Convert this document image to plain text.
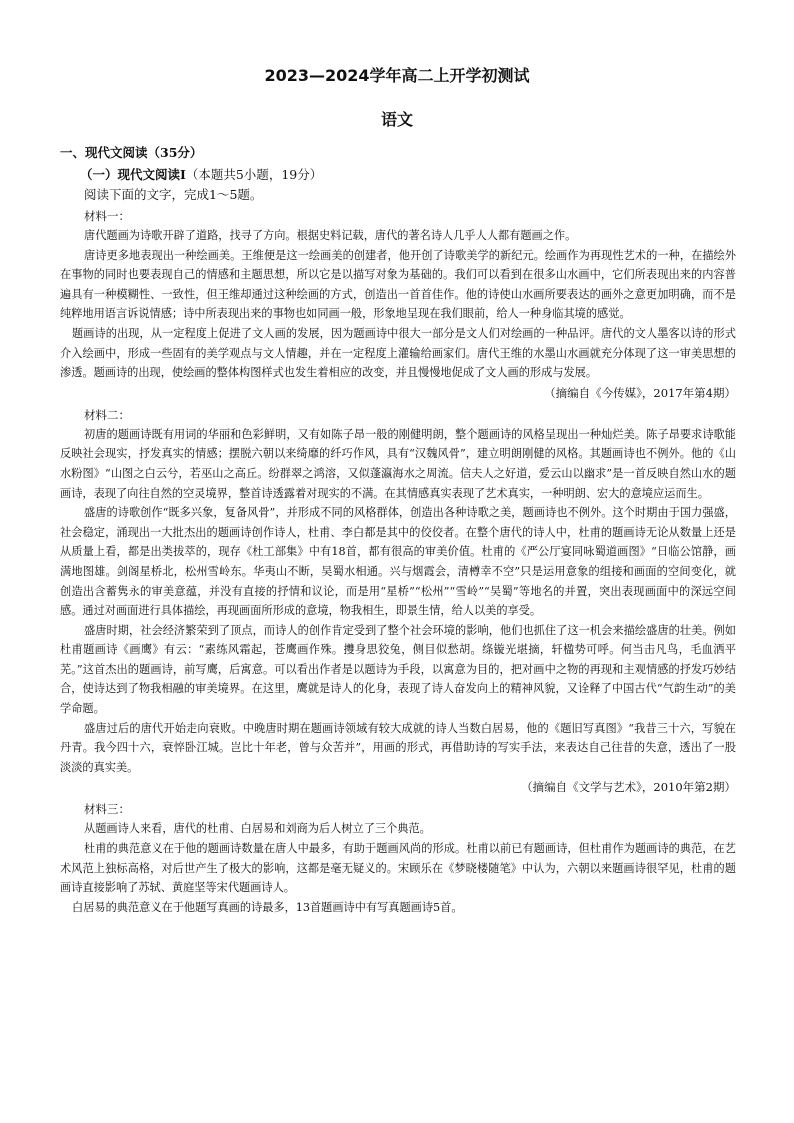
2023—2024学年高二上开学初测试
语文

一、现代文阅读（35分）

（一）现代文阅读Ⅰ（本题共5小题，19分）

阅读下面的文字，完成1～5题。

材料一：

唐代题画为诗歌开辟了道路，找寻了方向。根据史料记载，唐代的著名诗人几乎人人都有题画之作。

唐诗更多地表现出一种绘画美。王维便是这一绘画美的创建者，他开创了诗歌美学的新纪元。绘画作为再现性艺术的一种，在描绘外在事物的同时也要表现自己的情感和主题思想，所以它是以描写对象为基础的。我们可以看到在很多山水画中，它们所表现出来的内容普遍具有一种模糊性、一致性，但王维却通过这种绘画的方式，创造出一首首佳作。他的诗使山水画所要表达的画外之意更加明确，而不是纯粹地用语言诉说情感；诗中所表现出来的事物也如同画一般，形象地呈现在我们眼前，给人一种身临其境的感觉。

题画诗的出现，从一定程度上促进了文人画的发展，因为题画诗中很大一部分是文人们对绘画的一种品评。唐代的文人墨客以诗的形式介入绘画中，形成一些固有的美学观点与文人情趣，并在一定程度上灌输给画家们。唐代王维的水墨山水画就充分体现了这一审美思想的渗透。题画诗的出现，使绘画的整体构图样式也发生着相应的改变，并且慢慢地促成了文人画的形成与发展。

（摘编自《今传媒》，2017年第4期）

材料二：

初唐的题画诗既有用词的华丽和色彩鲜明，又有如陈子昂一般的刚健明朗，整个题画诗的风格呈现出一种灿烂美。陈子昂要求诗歌能反映社会现实，抒发真实的情感；摆脱六朝以来绮靡的纤巧作风，具有“汉魏风骨”，建立明朗刚健的风格。其题画诗也不例外。他的《山水粉图》“山图之白云兮，若巫山之高丘。纷群翠之鸿溶，又似蓬瀛海水之周流。信夫人之好道，爱云山以幽求”是一首反映自然山水的题画诗，表现了向往自然的空灵境界，整首诗透露着对现实的不满。在其情感真实表现了艺术真实，一种明朗、宏大的意境应运而生。

盛唐的诗歌创作“既多兴象，复备风骨”，并形成不同的风格群体，创造出各种诗歌之美，题画诗也不例外。这个时期由于国力强盛，社会稳定，涌现出一大批杰出的题画诗创作诗人，杜甫、李白都是其中的佼佼者。在整个唐代的诗人中，杜甫的题画诗无论从数量上还是从质量上看，都是出类拔萃的，现存《杜工部集》中有18首，都有很高的审美价值。杜甫的《严公厅宴同咏蜀道画图》“日临公馆静，画满地图雄。剑阁星桥北，松州雪岭东。华夷山不断，吴蜀水相通。兴与烟霞会，清樽幸不空”只是运用意象的组接和画面的空间变化，就创造出含蓄隽永的审美意蕴，并没有直接的抒情和议论，而是用“星桥”“松州”“雪岭”“吴蜀”等地名的并置，突出表现画面中的深远空间感。通过对画面进行具体描绘，再现画面所形成的意境，物我相生，即景生情，给人以美的享受。

盛唐时期，社会经济繁荣到了顶点，而诗人的创作肯定受到了整个社会环境的影响，他们也抓住了这一机会来描绘盛唐的壮美。例如杜甫题画诗《画鹰》有云：“素练风霜起，苍鹰画作殊。㩳身思狡兔，侧目似愁胡。绦镟光堪摘，轩楹势可呼。何当击凡鸟，毛血洒平芜。”这首杰出的题画诗，前写鹰，后寓意。可以看出作者是以题诗为手段，以寓意为目的，把对画中之物的再现和主观情感的抒发巧妙结合，使诗达到了物我相融的审美境界。在这里，鹰就是诗人的化身，表现了诗人奋发向上的精神风貌，又诠释了中国古代“气韵生动”的美学命题。

盛唐过后的唐代开始走向衰败。中晚唐时期在题画诗领域有较大成就的诗人当数白居易，他的《题旧写真图》“我昔三十六，写貌在丹青。我今四十六，衰悴卧江城。岂比十年老，曾与众苦并”，用画的形式，再借助诗的写实手法，来表达自己往昔的失意，透出了一股淡淡的真实美。

（摘编自《文学与艺术》，2010年第2期）

材料三：

从题画诗人来看，唐代的杜甫、白居易和刘商为后人树立了三个典范。

杜甫的典范意义在于他的题画诗数量在唐人中最多，有助于题画风尚的形成。杜甫以前已有题画诗，但杜甫作为题画诗的典范，在艺术风范上独标高格，对后世产生了极大的影响，这都是毫无疑义的。宋顾乐在《梦晓楼随笔》中认为，六朝以来题画诗很罕见，杜甫的题画诗直接影响了苏轼、黄庭坚等宋代题画诗人。

白居易的典范意义在于他题写真画的诗最多，13首题画诗中有写真题画诗5首。
